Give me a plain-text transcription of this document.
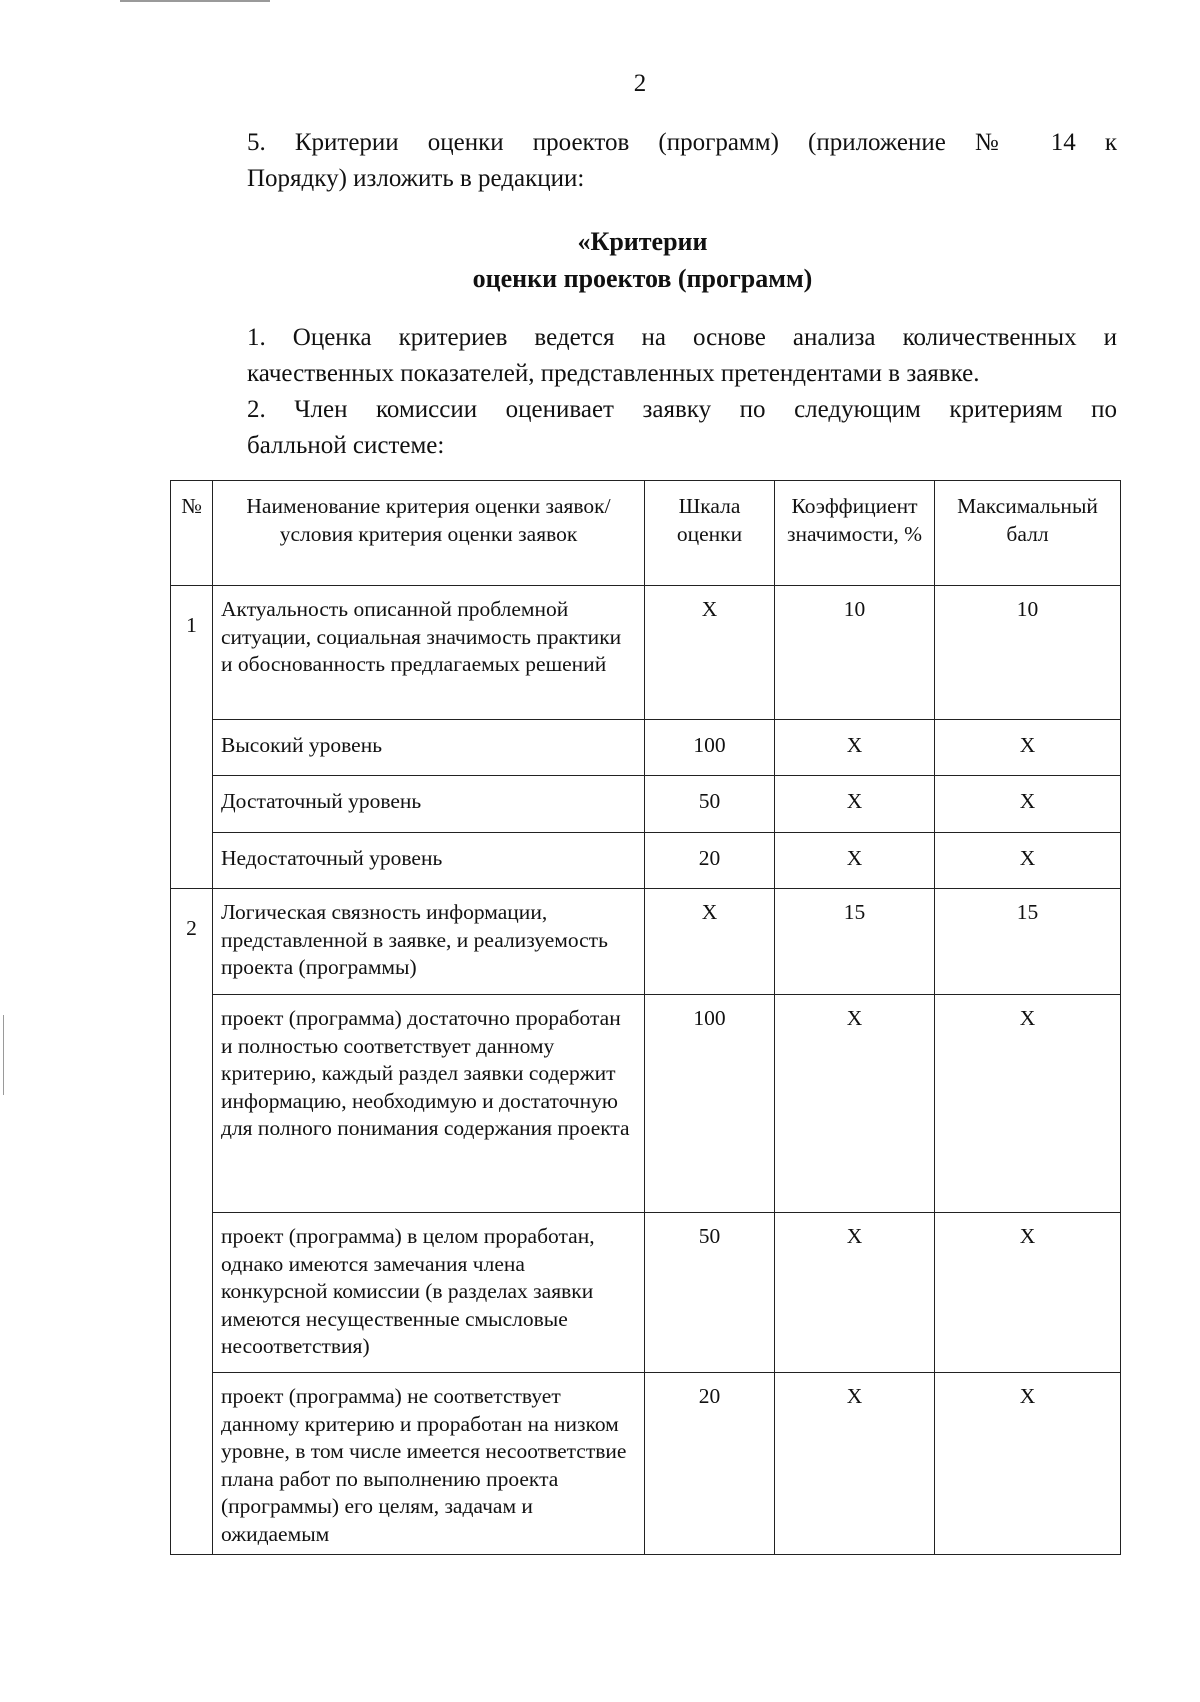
2
5. Критерии оценки проектов (программ) (приложение № 14 к
Порядку) изложить в редакции:
«Критерии
оценки проектов (программ)
1. Оценка критериев ведется на основе анализа количественных и
качественных показателей, представленных претендентами в заявке.
2. Член комиссии оценивает заявку по следующим критериям по
балльной системе:
№	Наименование критерия оценки заявок/условия критерия оценки заявок	Шкала оценки	Коэффициент значимости, %	Максимальный балл
1	Актуальность описанной проблемной ситуации, социальная значимость практики и обоснованность предлагаемых решений	Х	10	10
	Высокий уровень	100	Х	Х
	Достаточный уровень	50	Х	Х
	Недостаточный уровень	20	Х	Х
2	Логическая связность информации, представленной в заявке, и реализуемость проекта (программы)	Х	15	15
	проект (программа) достаточно проработан и полностью соответствует данному критерию, каждый раздел заявки содержит информацию, необходимую и достаточную для полного понимания содержания проекта	100	Х	Х
	проект (программа) в целом проработан, однако имеются замечания члена конкурсной комиссии (в разделах заявки имеются несущественные смысловые несоответствия)	50	Х	Х
	проект (программа) не соответствует данному критерию и проработан на низком уровне, в том числе имеется несоответствие плана работ по выполнению проекта (программы) его целям, задачам и ожидаемым	20	Х	Х
